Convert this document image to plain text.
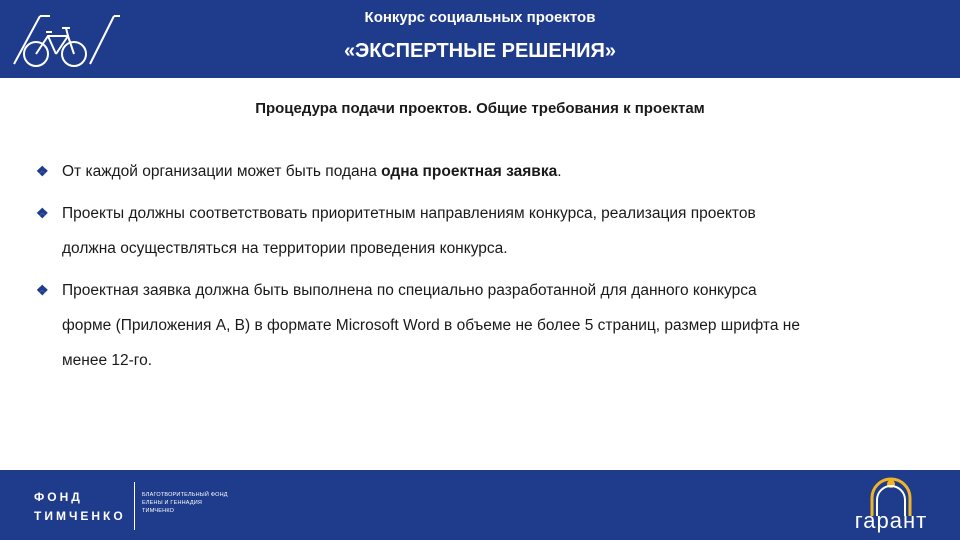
Конкурс социальных проектов
«ЭКСПЕРТНЫЕ РЕШЕНИЯ»
Процедура подачи проектов. Общие требования к проектам
❖ От каждой организации может быть подана одна проектная заявка.
❖ Проекты должны соответствовать приоритетным направлениям конкурса, реализация проектов
должна осуществляться на территории проведения конкурса.
❖ Проектная заявка должна быть выполнена по специально разработанной для данного конкурса
форме (Приложения А, В) в формате Microsoft Word в объеме не более 5 страниц, размер шрифта не
менее 12-го.
ФОНД
ТИМЧЕНКО
БЛАГОТВОРИТЕЛЬНЫЙ ФОНД
ЕЛЕНЫ И ГЕННАДИЯ
ТИМЧЕНКО	гарант
